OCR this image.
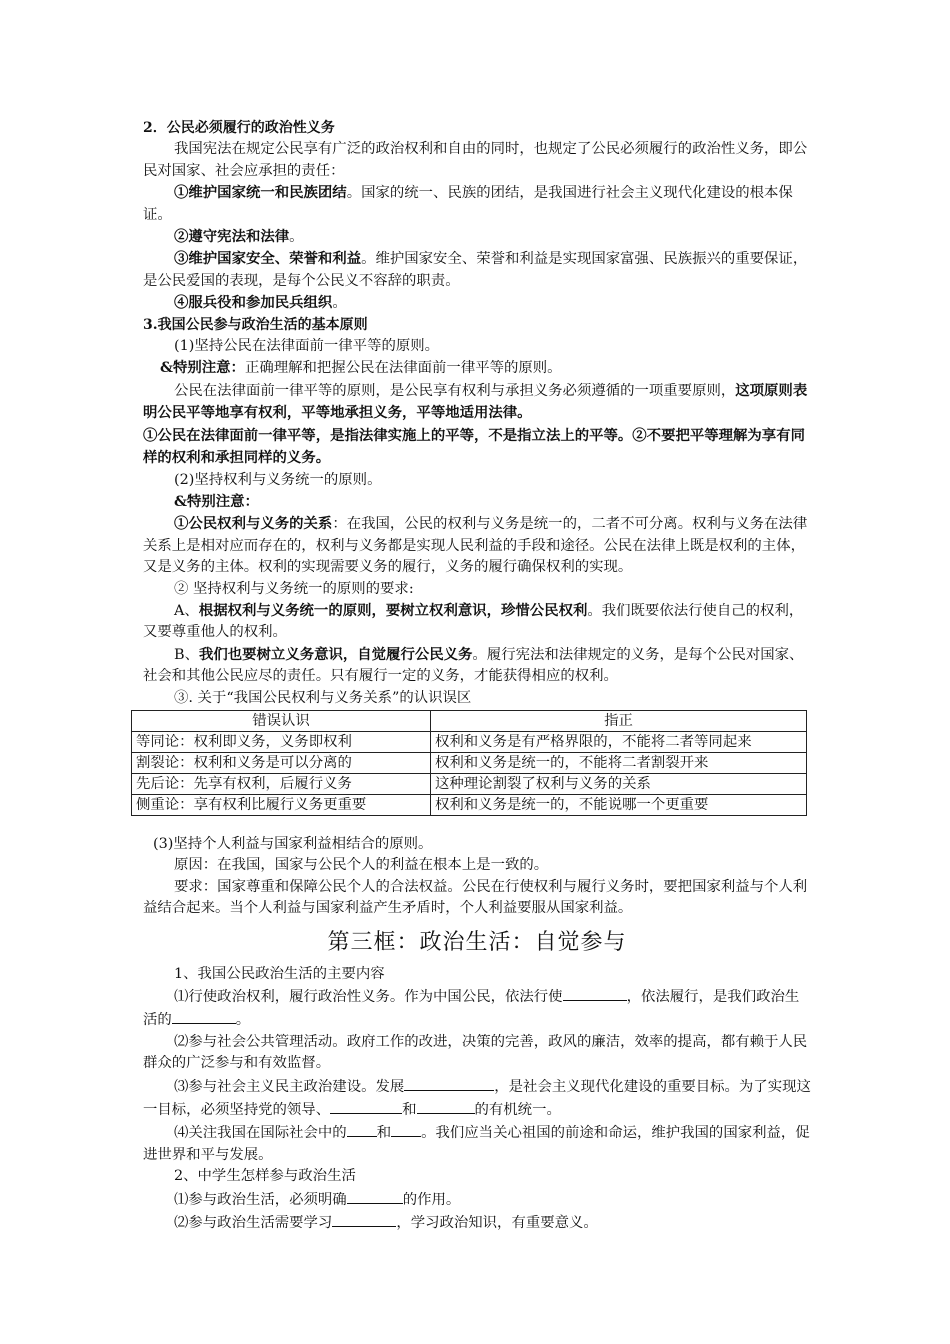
2．公民必须履行的政治性义务

我国宪法在规定公民享有广泛的政治权利和自由的同时，也规定了公民必须履行的政治性义务，即公民对国家、社会应承担的责任：

①维护国家统一和民族团结。国家的统一、民族的团结，是我国进行社会主义现代化建设的根本保证。

②遵守宪法和法律。

③维护国家安全、荣誉和利益。维护国家安全、荣誉和利益是实现国家富强、民族振兴的重要保证，是公民爱国的表现，是每个公民义不容辞的职责。

④服兵役和参加民兵组织。

3.我国公民参与政治生活的基本原则

(1)坚持公民在法律面前一律平等的原则。

&特别注意：正确理解和把握公民在法律面前一律平等的原则。

公民在法律面前一律平等的原则，是公民享有权利与承担义务必须遵循的一项重要原则，这项原则表明公民平等地享有权利，平等地承担义务，平等地适用法律。

①公民在法律面前一律平等，是指法律实施上的平等，不是指立法上的平等。②不要把平等理解为享有同样的权利和承担同样的义务。

(2)坚持权利与义务统一的原则。

&特别注意：

①公民权利与义务的关系：在我国，公民的权利与义务是统一的，二者不可分离。权利与义务在法律关系上是相对应而存在的，权利与义务都是实现人民利益的手段和途径。公民在法律上既是权利的主体，又是义务的主体。权利的实现需要义务的履行，义务的履行确保权利的实现。

② 坚持权利与义务统一的原则的要求:

A、根据权利与义务统一的原则，要树立权利意识，珍惜公民权利。我们既要依法行使自己的权利，又要尊重他人的权利。

B、我们也要树立义务意识，自觉履行公民义务。履行宪法和法律规定的义务，是每个公民对国家、社会和其他公民应尽的责任。只有履行一定的义务，才能获得相应的权利。

③. 关于“我国公民权利与义务关系”的认识误区

错误认识	指正
等同论：权利即义务，义务即权利	权利和义务是有严格界限的，不能将二者等同起来
割裂论：权利和义务是可以分离的	权利和义务是统一的，不能将二者割裂开来
先后论：先享有权利，后履行义务	这种理论割裂了权利与义务的关系
侧重论：享有权利比履行义务更重要	权利和义务是统一的，不能说哪一个更重要

(3)坚持个人利益与国家利益相结合的原则。

原因：在我国，国家与公民个人的利益在根本上是一致的。

要求：国家尊重和保障公民个人的合法权益。公民在行使权利与履行义务时，要把国家利益与个人利益结合起来。当个人利益与国家利益产生矛盾时，个人利益要服从国家利益。

第三框：政治生活：自觉参与

1、我国公民政治生活的主要内容

⑴行使政治权利，履行政治性义务。作为中国公民，依法行使	，依法履行，是我们政治生活的	。

⑵参与社会公共管理活动。政府工作的改进，决策的完善，政风的廉洁，效率的提高，都有赖于人民群众的广泛参与和有效监督。

⑶参与社会主义民主政治建设。发展	，是社会主义现代化建设的重要目标。为了实现这一目标，必须坚持党的领导、	和	的有机统一。

⑷关注我国在国际社会中的 和 。我们应当关心祖国的前途和命运，维护我国的国家利益，促进世界和平与发展。

2、中学生怎样参与政治生活

⑴参与政治生活，必须明确	的作用。

⑵参与政治生活需要学习	，学习政治知识，有重要意义。
